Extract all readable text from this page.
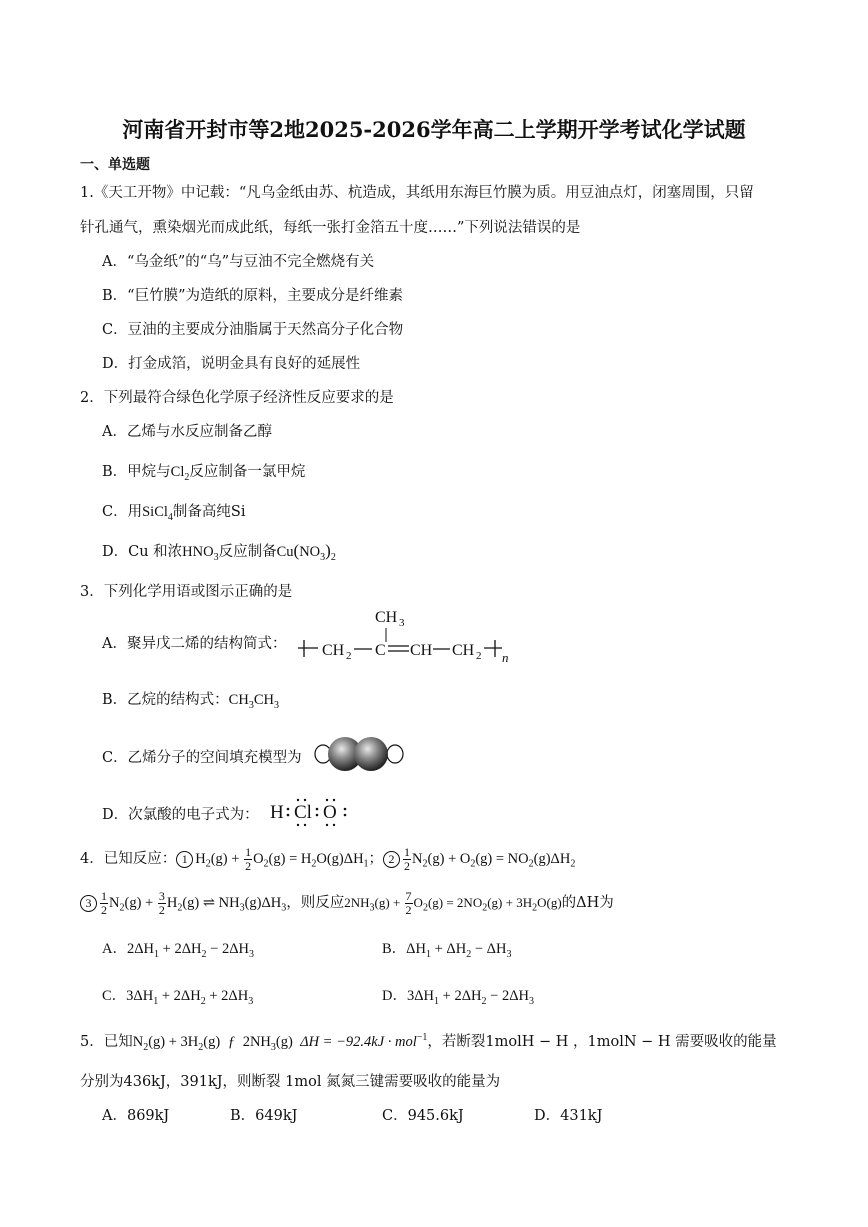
河南省开封市等2地2025-2026学年高二上学期开学考试化学试题
一、单选题
1.《天工开物》中记载：“凡乌金纸由苏、杭造成，其纸用东海巨竹膜为质。用豆油点灯，闭塞周围，只留
针孔通气，熏染烟光而成此纸，每纸一张打金箔五十度……”下列说法错误的是
A．“乌金纸”的“乌”与豆油不完全燃烧有关
B．“巨竹膜”为造纸的原料，主要成分是纤维素
C．豆油的主要成分油脂属于天然高分子化合物
D．打金成箔，说明金具有良好的延展性
2．下列最符合绿色化学原子经济性反应要求的是
A．乙烯与水反应制备乙醇
B．甲烷与$Cl_2$反应制备一氯甲烷
C．用SiCl$_4$制备高纯Si
D．Cu 和浓$HNO_3$反应制备$Cu(NO_3)_2$
3．下列化学用语或图示正确的是
A．聚异戊二烯的结构简式：
CH 3
CH 2 C CH CH 2 n
B．乙烷的结构式：$CH_3CH_3$
C．乙烯分子的空间填充模型为
D．次氯酸的电子式为： H Cl O
4．已知反应： 1 $H_2(g) + \frac{1}{2} O_2(g) = H_2O(g)\Delta H_1$； $2 \frac{1}{2} N_2(g) + O_2(g) = NO_2(g)\Delta H_2$
$3 \frac{1}{2} N_2(g) + \frac{3}{2} H_2(g)$ ⇌ $NH_3(g)\Delta H_3$，则反应$2NH_3(g) + \frac{7}{2} O_2(g) = 2NO_2(g) + 3H_2O(g)$的ΔH为
A．$2\Delta H_1 + 2\Delta H_2 - 2\Delta H_3$	B．$\Delta H_1 + \Delta H_2 - \Delta H_3$
C．$3\Delta H_1 + 2\Delta H_2 + 2\Delta H_3$	D．$3\Delta H_1 + 2\Delta H_2 - 2\Delta H_3$
5．已知$N_2(g) + 3H_2(g)$ ƒ $2NH_3(g) \Delta H = -92.4kJ \cdot mol^{-1}$，若断裂1molH − H ，1molN − H 需要吸收的能量
分别为436kJ，391kJ，则断裂 1mol 氮氮三键需要吸收的能量为
A．869kJ	B．649kJ	C．945.6kJ	D．431kJ
